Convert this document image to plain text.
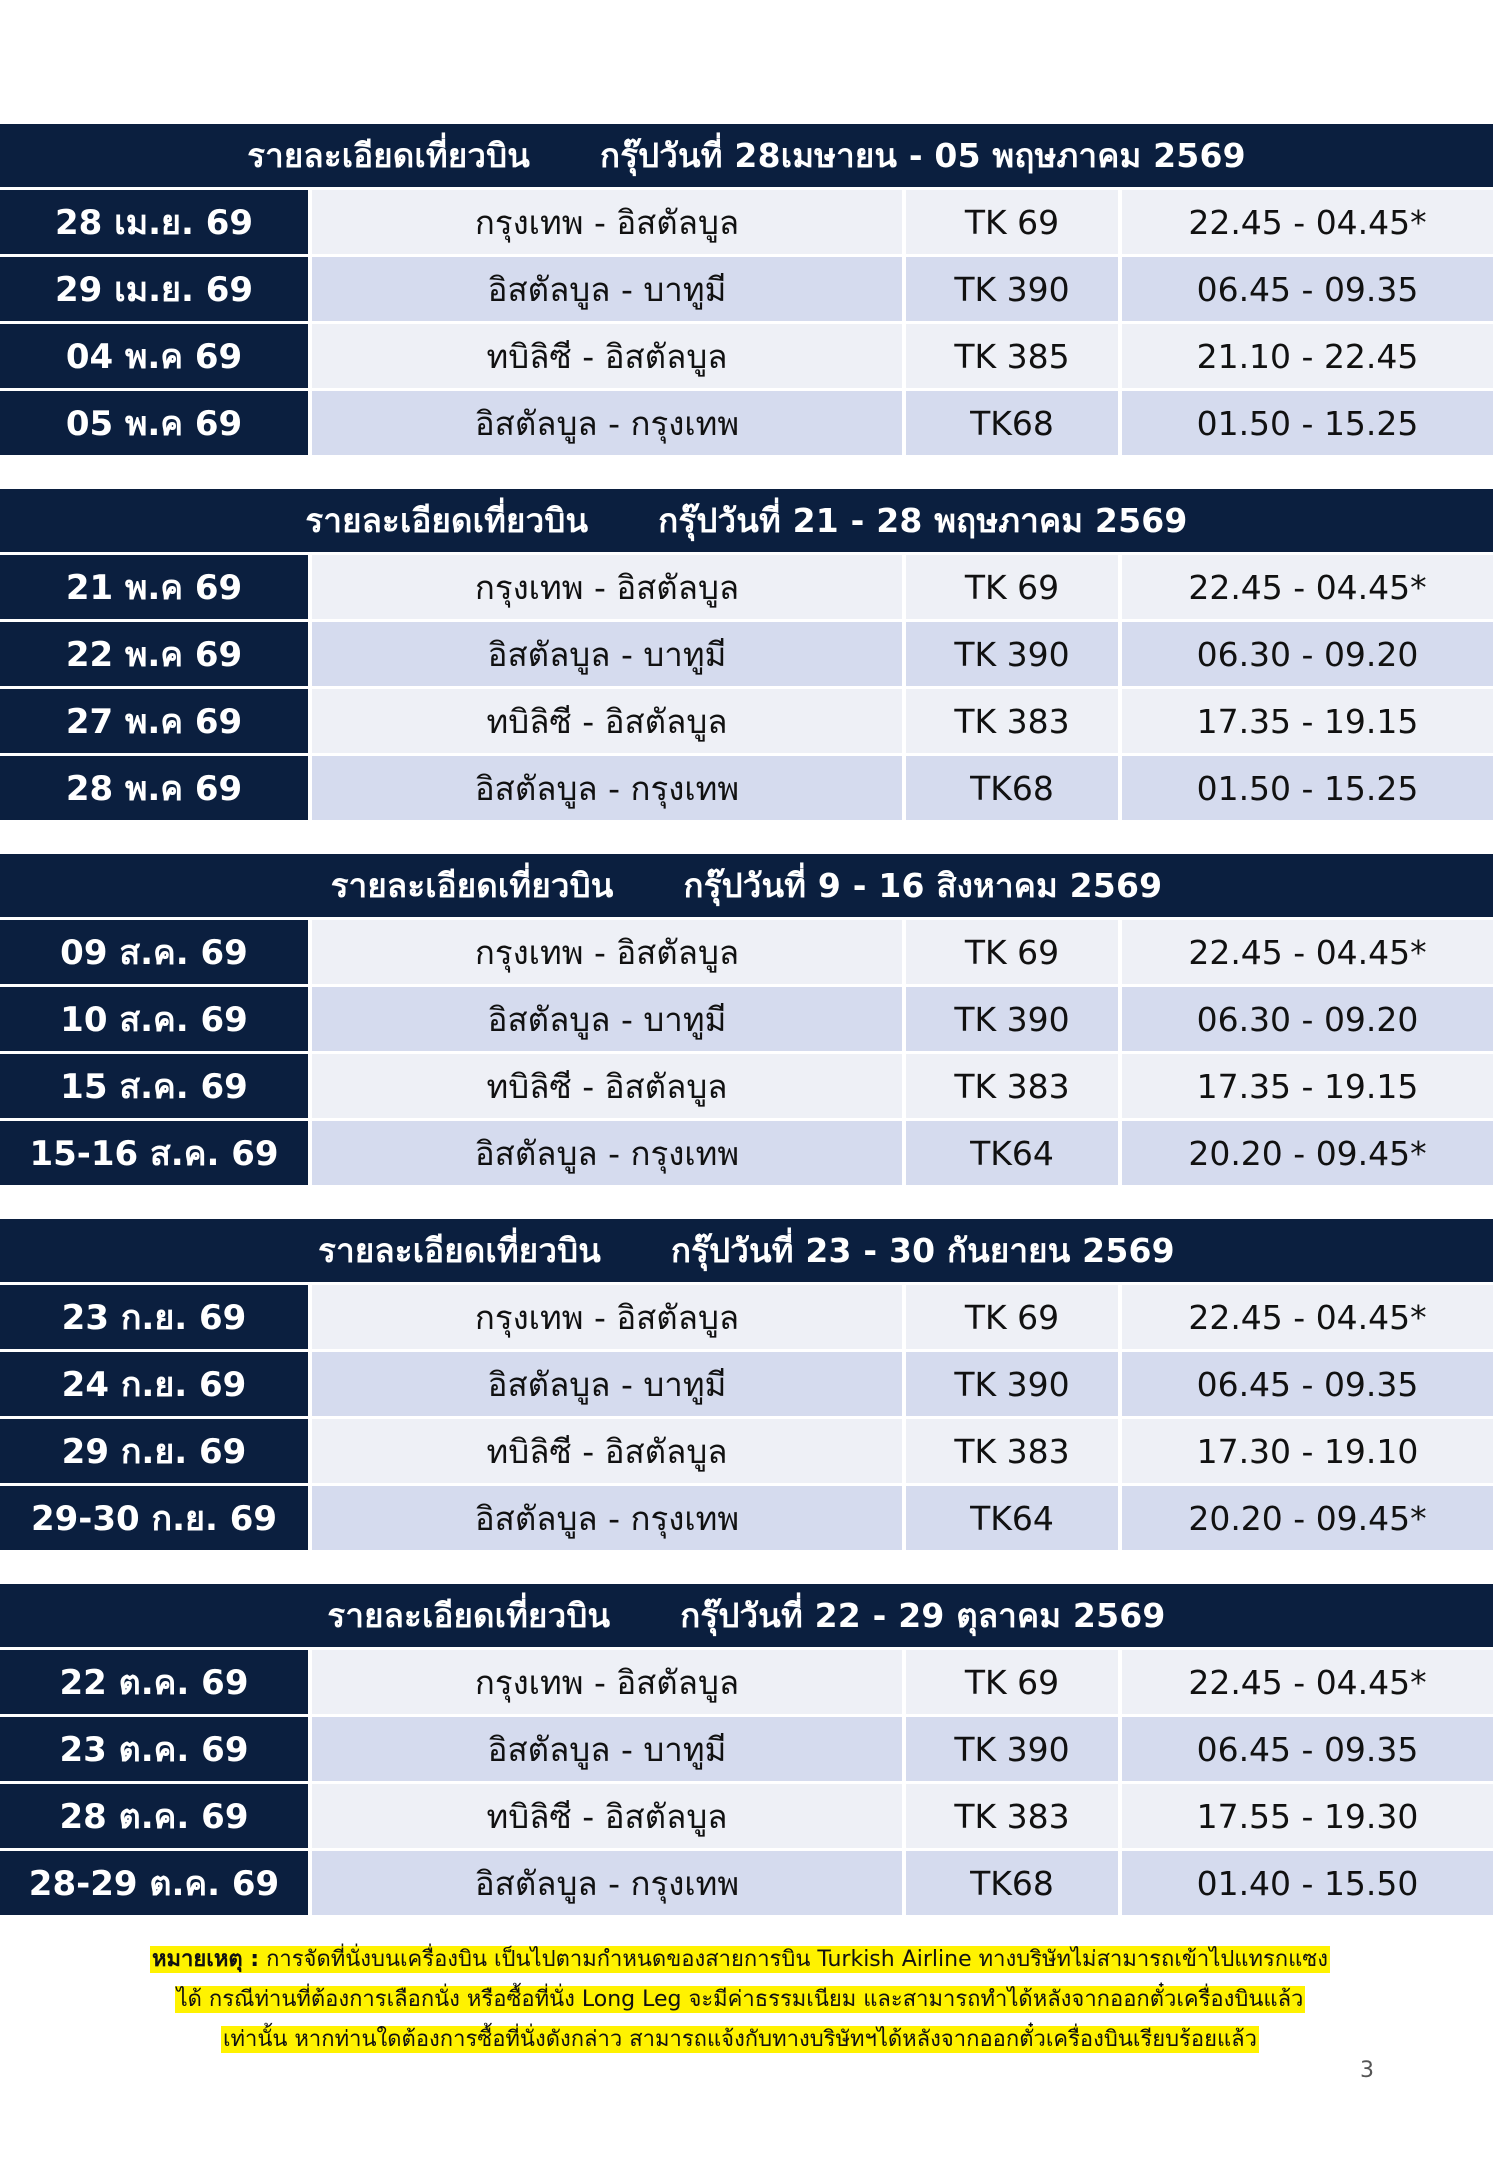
รายละเอียดเที่ยวบิน กรุ๊ปวันที่ 28เมษายน - 05 พฤษภาคม 2569
28 เม.ย. 69	กรุงเทพ - อิสตัลบูล	TK 69	22.45 - 04.45*
29 เม.ย. 69	อิสตัลบูล - บาทูมี	TK 390	06.45 - 09.35
04 พ.ค 69	ทบิลิซี - อิสตัลบูล	TK 385	21.10 - 22.45
05 พ.ค 69	อิสตัลบูล - กรุงเทพ	TK68	01.50 - 15.25
รายละเอียดเที่ยวบิน กรุ๊ปวันที่ 21 - 28 พฤษภาคม 2569
21 พ.ค 69	กรุงเทพ - อิสตัลบูล	TK 69	22.45 - 04.45*
22 พ.ค 69	อิสตัลบูล - บาทูมี	TK 390	06.30 - 09.20
27 พ.ค 69	ทบิลิซี - อิสตัลบูล	TK 383	17.35 - 19.15
28 พ.ค 69	อิสตัลบูล - กรุงเทพ	TK68	01.50 - 15.25
รายละเอียดเที่ยวบิน กรุ๊ปวันที่ 9 - 16 สิงหาคม 2569
09 ส.ค. 69	กรุงเทพ - อิสตัลบูล	TK 69	22.45 - 04.45*
10 ส.ค. 69	อิสตัลบูล - บาทูมี	TK 390	06.30 - 09.20
15 ส.ค. 69	ทบิลิซี - อิสตัลบูล	TK 383	17.35 - 19.15
15-16 ส.ค. 69	อิสตัลบูล - กรุงเทพ	TK64	20.20 - 09.45*
รายละเอียดเที่ยวบิน กรุ๊ปวันที่ 23 - 30 กันยายน 2569
23 ก.ย. 69	กรุงเทพ - อิสตัลบูล	TK 69	22.45 - 04.45*
24 ก.ย. 69	อิสตัลบูล - บาทูมี	TK 390	06.45 - 09.35
29 ก.ย. 69	ทบิลิซี - อิสตัลบูล	TK 383	17.30 - 19.10
29-30 ก.ย. 69	อิสตัลบูล - กรุงเทพ	TK64	20.20 - 09.45*
รายละเอียดเที่ยวบิน กรุ๊ปวันที่ 22 - 29 ตุลาคม 2569
22 ต.ค. 69	กรุงเทพ - อิสตัลบูล	TK 69	22.45 - 04.45*
23 ต.ค. 69	อิสตัลบูล - บาทูมี	TK 390	06.45 - 09.35
28 ต.ค. 69	ทบิลิซี - อิสตัลบูล	TK 383	17.55 - 19.30
28-29 ต.ค. 69	อิสตัลบูล - กรุงเทพ	TK68	01.40 - 15.50
หมายเหตุ : การจัดที่นั่งบนเครื่องบิน เป็นไปตามกำหนดของสายการบิน Turkish Airline ทางบริษัทไม่สามารถเข้าไปแทรกแซง
ได้ กรณีท่านที่ต้องการเลือกนั่ง หรือซื้อที่นั่ง Long Leg จะมีค่าธรรมเนียม และสามารถทำได้หลังจากออกตั๋วเครื่องบินแล้ว
เท่านั้น หากท่านใดต้องการซื้อที่นั่งดังกล่าว สามารถแจ้งกับทางบริษัทฯได้หลังจากออกตั๋วเครื่องบินเรียบร้อยแล้ว
3
